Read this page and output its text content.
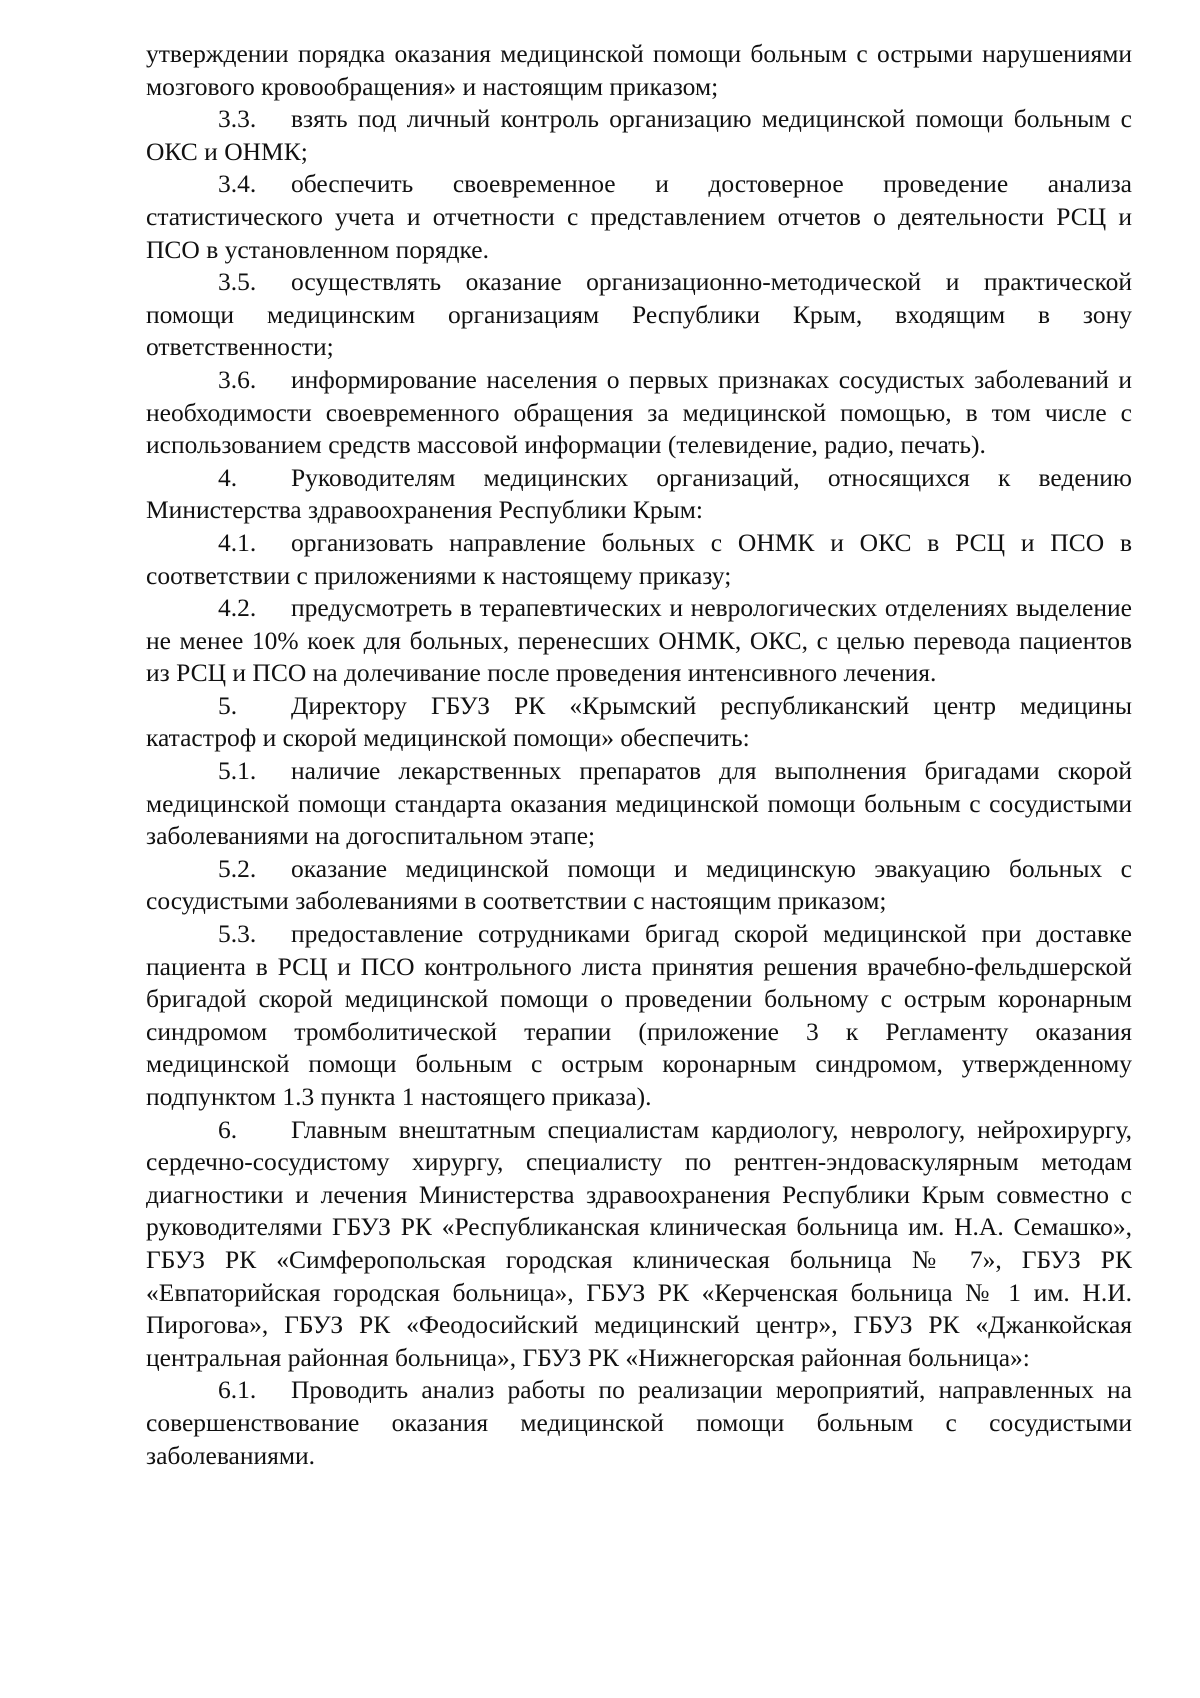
утверждении порядка оказания медицинской помощи больным с острыми нарушениями мозгового кровообращения» и настоящим приказом;

3.3. взять под личный контроль организацию медицинской помощи больным с ОКС и ОНМК;

3.4. обеспечить своевременное и достоверное проведение анализа статистического учета и отчетности с представлением отчетов о деятельности РСЦ и ПСО в установленном порядке.

3.5. осуществлять оказание организационно-методической и практической помощи медицинским организациям Республики Крым, входящим в зону ответственности;

3.6. информирование населения о первых признаках сосудистых заболеваний и необходимости своевременного обращения за медицинской помощью, в том числе с использованием средств массовой информации (телевидение, радио, печать).

4. Руководителям медицинских организаций, относящихся к ведению Министерства здравоохранения Республики Крым:

4.1. организовать направление больных с ОНМК и ОКС в РСЦ и ПСО в соответствии с приложениями к настоящему приказу;

4.2. предусмотреть в терапевтических и неврологических отделениях выделение не менее 10% коек для больных, перенесших ОНМК, ОКС, с целью перевода пациентов из РСЦ и ПСО на долечивание после проведения интенсивного лечения.

5. Директору ГБУЗ РК «Крымский республиканский центр медицины катастроф и скорой медицинской помощи» обеспечить:

5.1. наличие лекарственных препаратов для выполнения бригадами скорой медицинской помощи стандарта оказания медицинской помощи больным с сосудистыми заболеваниями на догоспитальном этапе;

5.2. оказание медицинской помощи и медицинскую эвакуацию больных с сосудистыми заболеваниями в соответствии с настоящим приказом;

5.3. предоставление сотрудниками бригад скорой медицинской при доставке пациента в РСЦ и ПСО контрольного листа принятия решения врачебно-фельдшерской бригадой скорой медицинской помощи о проведении больному с острым коронарным синдромом тромболитической терапии (приложение 3 к Регламенту оказания медицинской помощи больным с острым коронарным синдромом, утвержденному подпунктом 1.3 пункта 1 настоящего приказа).

6. Главным внештатным специалистам кардиологу, неврологу, нейрохирургу, сердечно-сосудистому хирургу, специалисту по рентген-эндоваскулярным методам диагностики и лечения Министерства здравоохранения Республики Крым совместно с руководителями ГБУЗ РК «Республиканская клиническая больница им. Н.А. Семашко», ГБУЗ РК «Симферопольская городская клиническая больница № 7», ГБУЗ РК «Евпаторийская городская больница», ГБУЗ РК «Керченская больница № 1 им. Н.И. Пирогова», ГБУЗ РК «Феодосийский медицинский центр», ГБУЗ РК «Джанкойская центральная районная больница», ГБУЗ РК «Нижнегорская районная больница»:

6.1. Проводить анализ работы по реализации мероприятий, направленных на совершенствование оказания медицинской помощи больным с сосудистыми заболеваниями.
